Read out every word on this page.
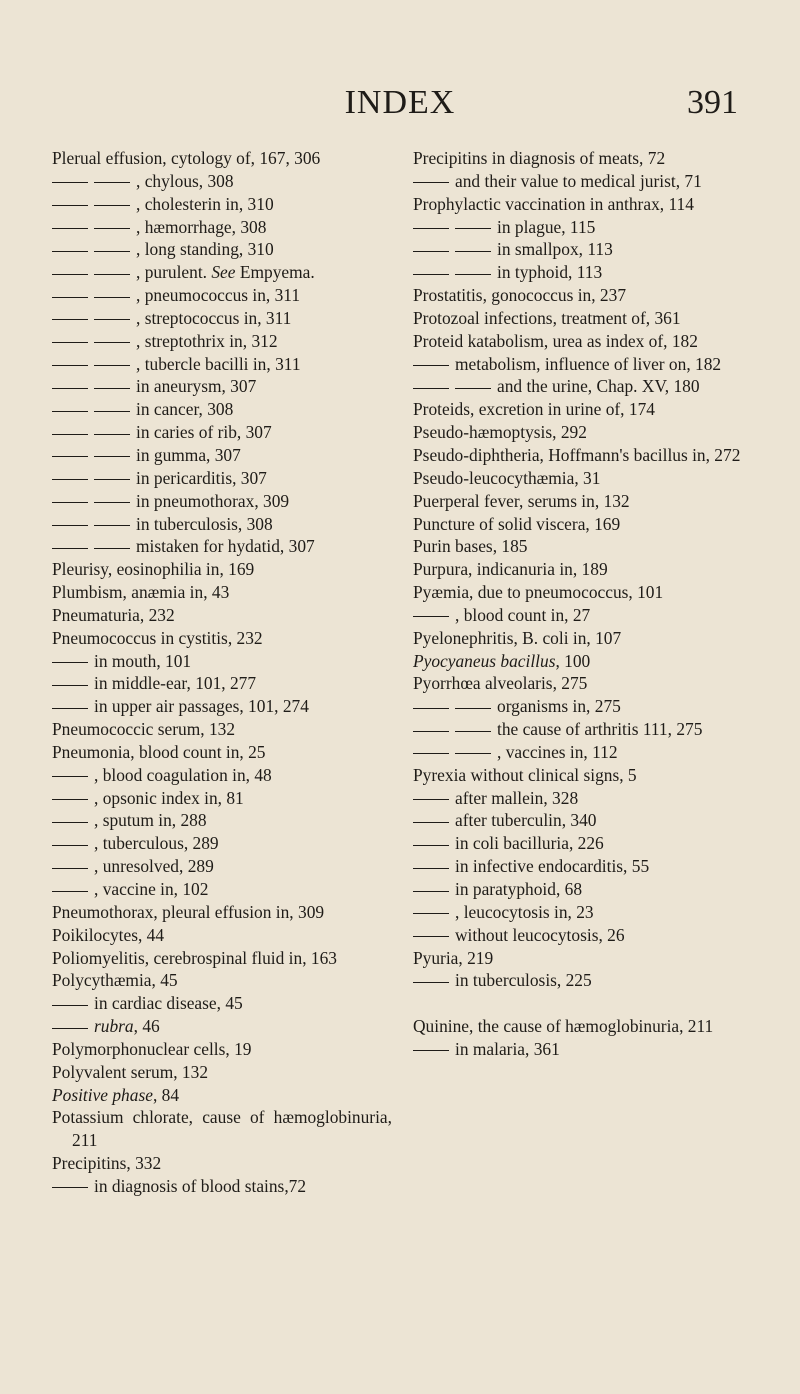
INDEX	391
Plerual effusion, cytology of, 167, 306
, chylous, 308
, cholesterin in, 310
, hæmorrhage, 308
, long standing, 310
, purulent. See Empyema.
, pneumococcus in, 311
, streptococcus in, 311
, streptothrix in, 312
, tubercle bacilli in, 311
in aneurysm, 307
in cancer, 308
in caries of rib, 307
in gumma, 307
in pericarditis, 307
in pneumothorax, 309
in tuberculosis, 308
mistaken for hydatid, 307
Pleurisy, eosinophilia in, 169
Plumbism, anæmia in, 43
Pneumaturia, 232
Pneumococcus in cystitis, 232
in mouth, 101
in middle-ear, 101, 277
in upper air passages, 101, 274
Pneumococcic serum, 132
Pneumonia, blood count in, 25
, blood coagulation in, 48
, opsonic index in, 81
, sputum in, 288
, tuberculous, 289
, unresolved, 289
, vaccine in, 102
Pneumothorax, pleural effusion in, 309
Poikilocytes, 44
Poliomyelitis, cerebrospinal fluid in, 163
Polycythæmia, 45
in cardiac disease, 45
rubra, 46
Polymorphonuclear cells, 19
Polyvalent serum, 132
Positive phase, 84
Potassium chlorate, cause of hæmoglobinuria, 211
Precipitins, 332
in diagnosis of blood stains,72
Precipitins in diagnosis of meats, 72
and their value to medical jurist, 71
Prophylactic vaccination in anthrax, 114
in plague, 115
in smallpox, 113
in typhoid, 113
Prostatitis, gonococcus in, 237
Protozoal infections, treatment of, 361
Proteid katabolism, urea as index of, 182
metabolism, influence of liver on, 182
and the urine, Chap. XV, 180
Proteids, excretion in urine of, 174
Pseudo-hæmoptysis, 292
Pseudo-diphtheria, Hoffmann's bacillus in, 272
Pseudo-leucocythæmia, 31
Puerperal fever, serums in, 132
Puncture of solid viscera, 169
Purin bases, 185
Purpura, indicanuria in, 189
Pyæmia, due to pneumococcus, 101
, blood count in, 27
Pyelonephritis, B. coli in, 107
Pyocyaneus bacillus, 100
Pyorrhœa alveolaris, 275
organisms in, 275
the cause of arthritis 111, 275
, vaccines in, 112
Pyrexia without clinical signs, 5
after mallein, 328
after tuberculin, 340
in coli bacilluria, 226
in infective endocarditis, 55
in paratyphoid, 68
, leucocytosis in, 23
without leucocytosis, 26
Pyuria, 219
in tuberculosis, 225
Quinine, the cause of hæmoglobinuria, 211
in malaria, 361
